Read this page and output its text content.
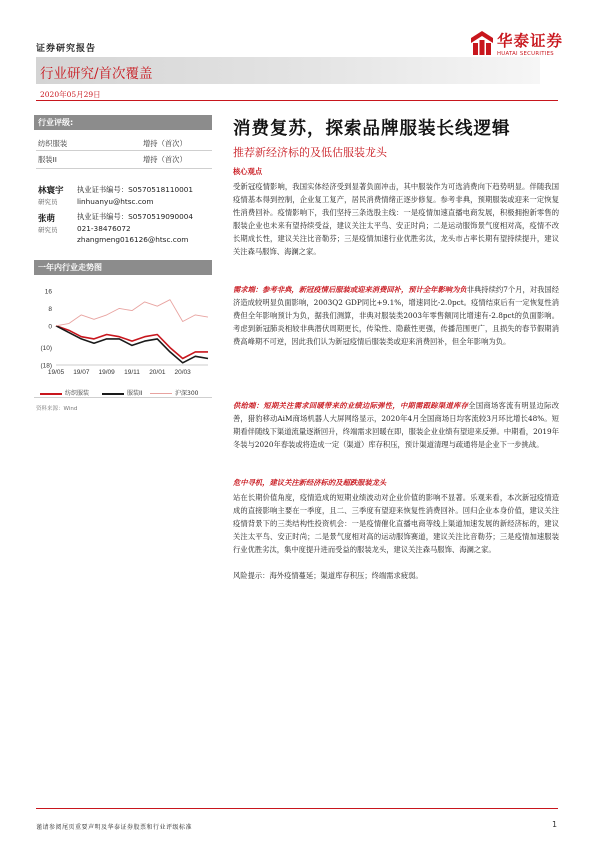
证券研究报告	华泰证券
HUATAI SECURITIES
行业研究/首次覆盖
2020年05月29日
行业评级:
纺织服装	增持（首次）
服装II	增持（首次）
林寰宇
研究员
执业证书编号：S0570518110001
linhuanyu@htsc.com
张萌
研究员
执业证书编号：S0570519090004
021-38476072
zhangmeng016126@htsc.com
一年内行业走势图
16
8
0
(10)
(18)
19/05 19/07 19/09 19/11 20/01 20/03
纺织服装	服装II	沪深300
资料来源：Wind
消费复苏，探索品牌服装长线逻辑
推荐新经济标的及低估服装龙头
核心观点
受新冠疫情影响，我国实体经济受到显著负面冲击，其中服装作为可选消费向下趋势明显。伴随我国疫情基本得到控制，企业复工复产，居民消费情绪正逐步修复。参考非典，预期服装或迎来一定恢复性消费回补。疫情影响下，我们坚持三条选股主线：一是疫情加速直播电商发展，积极拥抱新零售的服装企业也未来有望持续受益，建议关注太平鸟、安正时尚；二是运动服饰景气度相对高，疫情不改长期成长性，建议关注比音勒芬；三是疫情加速行业优胜劣汰，龙头市占率长期有望持续提升，建议关注森马服饰、海澜之家。
需求端：参考非典，新冠疫情后服装或迎来消费回补，预计全年影响为负非典持续约7个月，对我国经济造成较明显负面影响，2003Q2 GDP同比+9.1%，增速同比-2.0pct。疫情结束后有一定恢复性消费但全年影响预计为负，据我们测算，非典对服装类2003年零售额同比增速有-2.8pct的负面影响。考虑到新冠肺炎相较非典潜伏周期更长，传染性、隐蔽性更强，传播范围更广，且损失的春节假期消费高峰期不可逆，因此我们认为新冠疫情后服装类或迎来消费回补，但全年影响为负。
供给端：短期关注需求回暖带来的业绩边际弹性，中期需跟踪渠道库存全国商场客流有明显边际改善，猎豹移动AiM商场机器人大屏网络显示，2020年4月全国商场日均客流较3月环比增长48%。短期看伴随线下渠道流量逐渐回升，终端需求回暖在即，服装企业业绩有望迎来反弹。中期看，2019年冬装与2020年春装或将造成一定（渠道）库存积压，预计渠道清理与疏通将是企业下一步挑战。
危中寻机，建议关注新经济标的及超跌服装龙头
站在长期价值角度，疫情造成的短期业绩波动对企业价值的影响不显著。乐观来看，本次新冠疫情造成的直接影响主要在一季度，且二、三季度有望迎来恢复性消费回补。回归企业本身价值，建议关注疫情背景下的三类结构性投资机会：一是疫情催化直播电商等线上渠道加速发展的新经济标的，建议关注太平鸟、安正时尚；二是景气度相对高的运动服饰赛道，建议关注比音勒芬；三是疫情加速服装行业优胜劣汰，集中度提升进而受益的服装龙头，建议关注森马服饰、海澜之家。
风险提示：海外疫情蔓延；渠道库存积压；终端需求疲弱。
谨请参阅尾页重要声明及华泰证券股票和行业评级标准	1
